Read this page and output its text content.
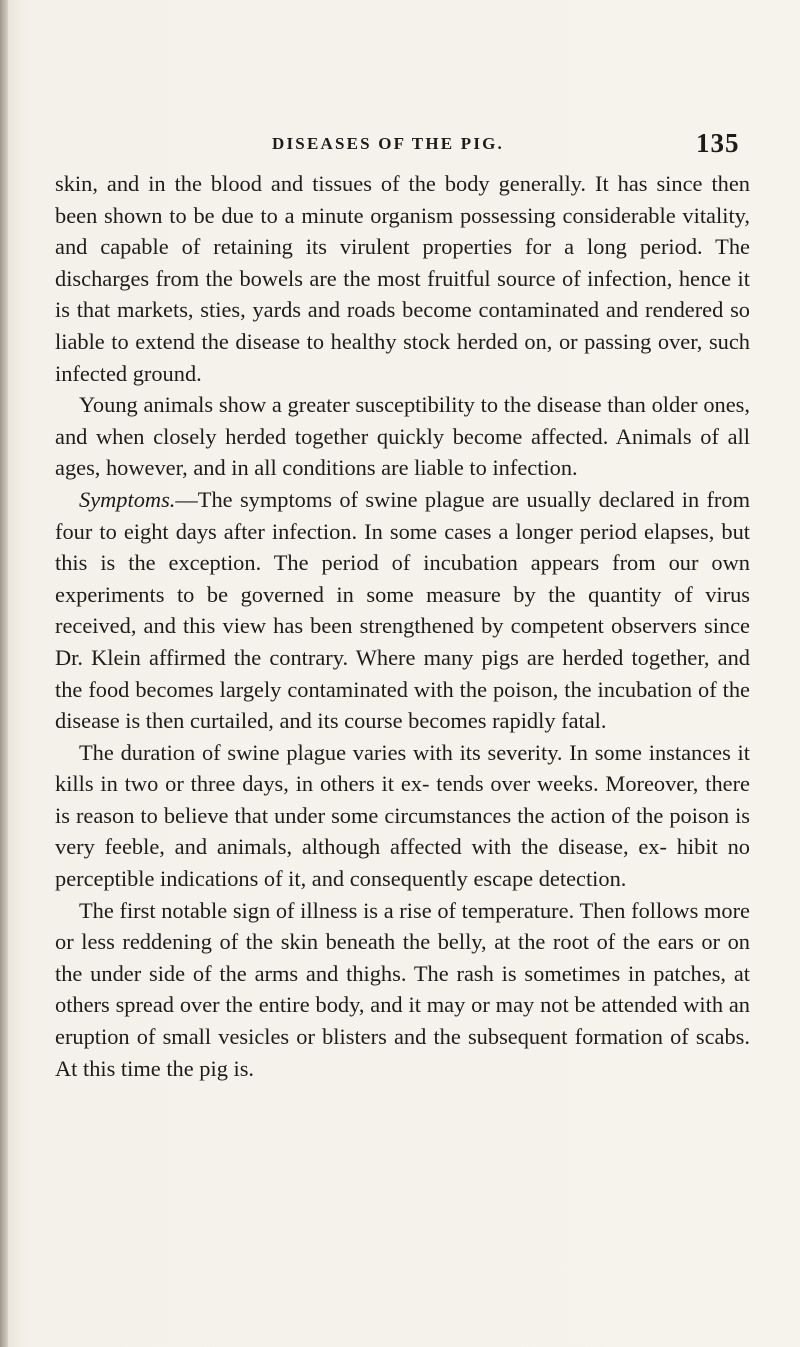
DISEASES OF THE PIG.	135

skin, and in the blood and tissues of the body generally. It has since then been shown to be due to a minute organism possessing considerable vitality, and capable of retaining its virulent properties for a long period. The discharges from the bowels are the most fruitful source of infection, hence it is that markets, sties, yards and roads become contaminated and rendered so liable to extend the disease to healthy stock herded on, or passing over, such infected ground.

Young animals show a greater susceptibility to the disease than older ones, and when closely herded together quickly become affected. Animals of all ages, however, and in all conditions are liable to infection.

Symptoms.—The symptoms of swine plague are usually declared in from four to eight days after infection. In some cases a longer period elapses, but this is the exception. The period of incubation appears from our own experiments to be governed in some measure by the quantity of virus received, and this view has been strengthened by competent observers since Dr. Klein affirmed the contrary. Where many pigs are herded together, and the food becomes largely contaminated with the poison, the incubation of the disease is then curtailed, and its course becomes rapidly fatal.

The duration of swine plague varies with its severity. In some instances it kills in two or three days, in others it ex- tends over weeks. Moreover, there is reason to believe that under some circumstances the action of the poison is very feeble, and animals, although affected with the disease, ex- hibit no perceptible indications of it, and consequently escape detection.

The first notable sign of illness is a rise of temperature. Then follows more or less reddening of the skin beneath the belly, at the root of the ears or on the under side of the arms and thighs. The rash is sometimes in patches, at others spread over the entire body, and it may or may not be attended with an eruption of small vesicles or blisters and the subsequent formation of scabs. At this time the pig is.
